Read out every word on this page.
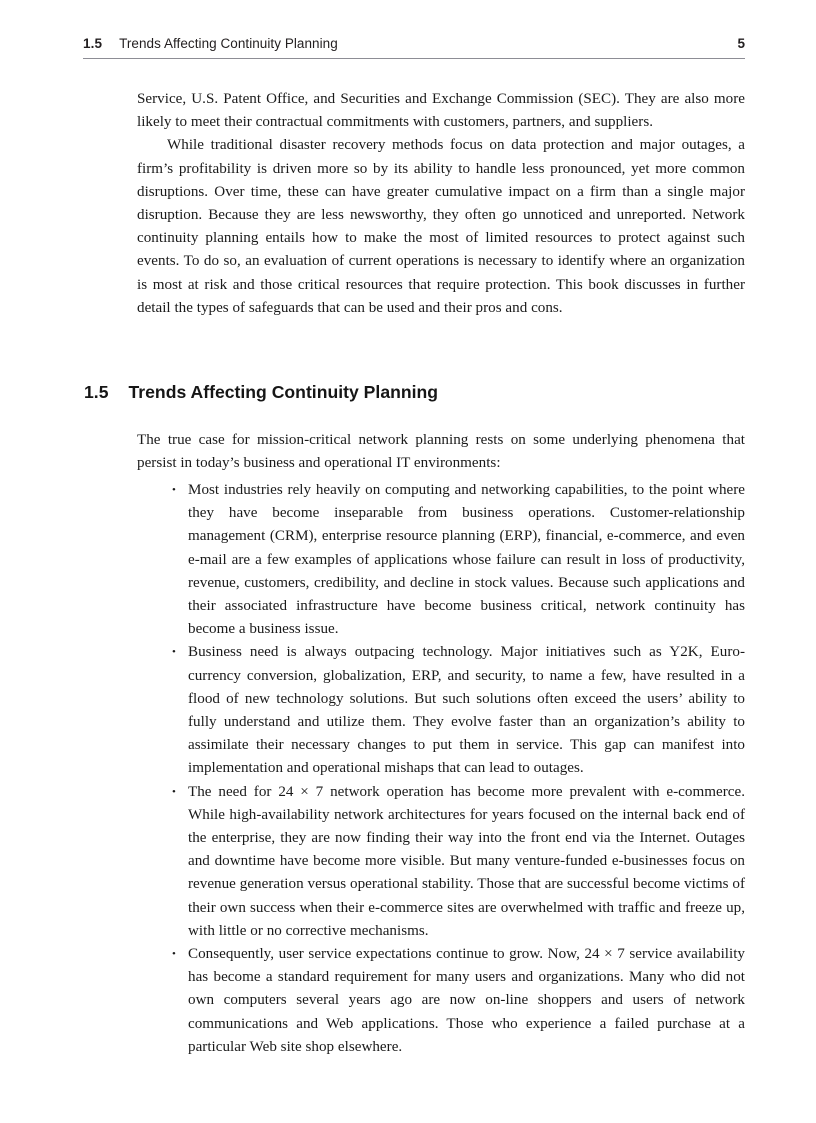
1.5 Trends Affecting Continuity Planning	5

Service, U.S. Patent Office, and Securities and Exchange Commission (SEC). They are also more likely to meet their contractual commitments with customers, partners, and suppliers.

While traditional disaster recovery methods focus on data protection and major outages, a firm’s profitability is driven more so by its ability to handle less pronounced, yet more common disruptions. Over time, these can have greater cumulative impact on a firm than a single major disruption. Because they are less newsworthy, they often go unnoticed and unreported. Network continuity planning entails how to make the most of limited resources to protect against such events. To do so, an evaluation of current operations is necessary to identify where an organization is most at risk and those critical resources that require protection. This book discusses in further detail the types of safeguards that can be used and their pros and cons.

1.5 Trends Affecting Continuity Planning

The true case for mission-critical network planning rests on some underlying phenomena that persist in today’s business and operational IT environments:

• Most industries rely heavily on computing and networking capabilities, to the point where they have become inseparable from business operations. Customer-relationship management (CRM), enterprise resource planning (ERP), financial, e-commerce, and even e-mail are a few examples of applications whose failure can result in loss of productivity, revenue, customers, credibility, and decline in stock values. Because such applications and their associated infrastructure have become business critical, network continuity has become a business issue.
• Business need is always outpacing technology. Major initiatives such as Y2K, Euro-currency conversion, globalization, ERP, and security, to name a few, have resulted in a flood of new technology solutions. But such solutions often exceed the users’ ability to fully understand and utilize them. They evolve faster than an organization’s ability to assimilate their necessary changes to put them in service. This gap can manifest into implementation and operational mishaps that can lead to outages.
• The need for 24 × 7 network operation has become more prevalent with e-commerce. While high-availability network architectures for years focused on the internal back end of the enterprise, they are now finding their way into the front end via the Internet. Outages and downtime have become more visible. But many venture-funded e-businesses focus on revenue generation versus operational stability. Those that are successful become victims of their own success when their e-commerce sites are overwhelmed with traffic and freeze up, with little or no corrective mechanisms.
• Consequently, user service expectations continue to grow. Now, 24 × 7 service availability has become a standard requirement for many users and organizations. Many who did not own computers several years ago are now on-line shoppers and users of network communications and Web applications. Those who experience a failed purchase at a particular Web site shop elsewhere.
